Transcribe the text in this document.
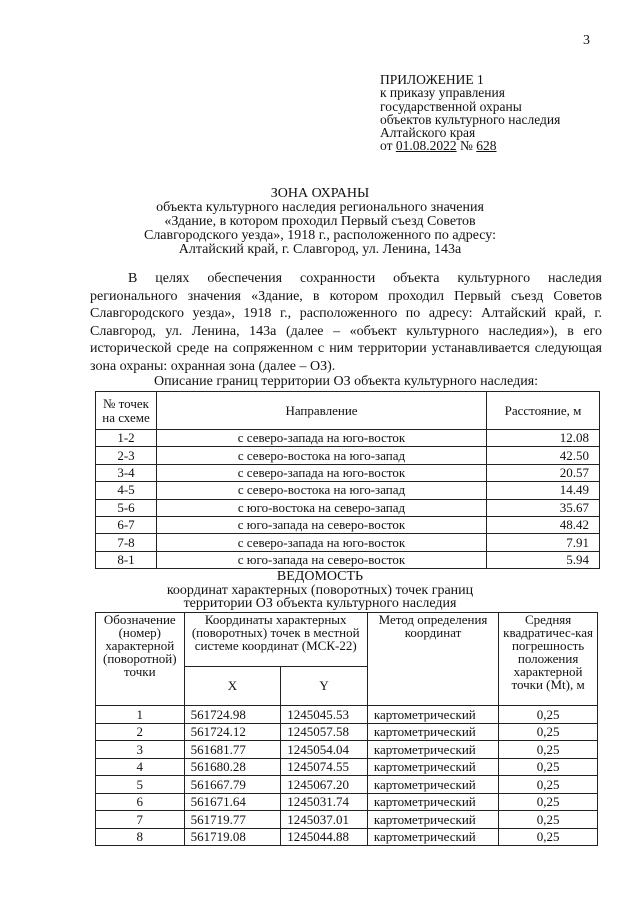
3
ПРИЛОЖЕНИЕ 1
к приказу управления
государственной охраны
объектов культурного наследия
Алтайского края
от 01.08.2022 № 628
ЗОНА ОХРАНЫ
объекта культурного наследия регионального значения
«Здание, в котором проходил Первый съезд Советов
Славгородского уезда», 1918 г., расположенного по адресу:
Алтайский край, г. Славгород, ул. Ленина, 143а

В целях обеспечения сохранности объекта культурного наследия регионального значения «Здание, в котором проходил Первый съезд Советов Славгородского уезда», 1918 г., расположенного по адресу: Алтайский край, г. Славгород, ул. Ленина, 143а (далее – «объект культурного наследия»), в его исторической среде на сопряженном с ним территории устанавливается следующая зона охраны: охранная зона (далее – ОЗ).

Описание границ территории ОЗ объекта культурного наследия:
№ точек на схеме	Направление	Расстояние, м
1-2	с северо-запада на юго-восток	12.08
2-3	с северо-востока на юго-запад	42.50
3-4	с северо-запада на юго-восток	20.57
4-5	с северо-востока на юго-запад	14.49
5-6	с юго-востока на северо-запад	35.67
6-7	с юго-запада на северо-восток	48.42
7-8	с северо-запада на юго-восток	7.91
8-1	с юго-запада на северо-восток	5.94
ВЕДОМОСТЬ
координат характерных (поворотных) точек границ
территории ОЗ объекта культурного наследия
Обозначение (номер) характерной (поворотной) точки	Координаты характерных (поворотных) точек в местной системе координат (МСК-22)		Метод определения координат	Средняя квадратичес-кая погрешность положения характерной точки (Mt), м
	X	Y		
1	561724.98	1245045.53	картометрический	0,25
2	561724.12	1245057.58	картометрический	0,25
3	561681.77	1245054.04	картометрический	0,25
4	561680.28	1245074.55	картометрический	0,25
5	561667.79	1245067.20	картометрический	0,25
6	561671.64	1245031.74	картометрический	0,25
7	561719.77	1245037.01	картометрический	0,25
8	561719.08	1245044.88	картометрический	0,25
